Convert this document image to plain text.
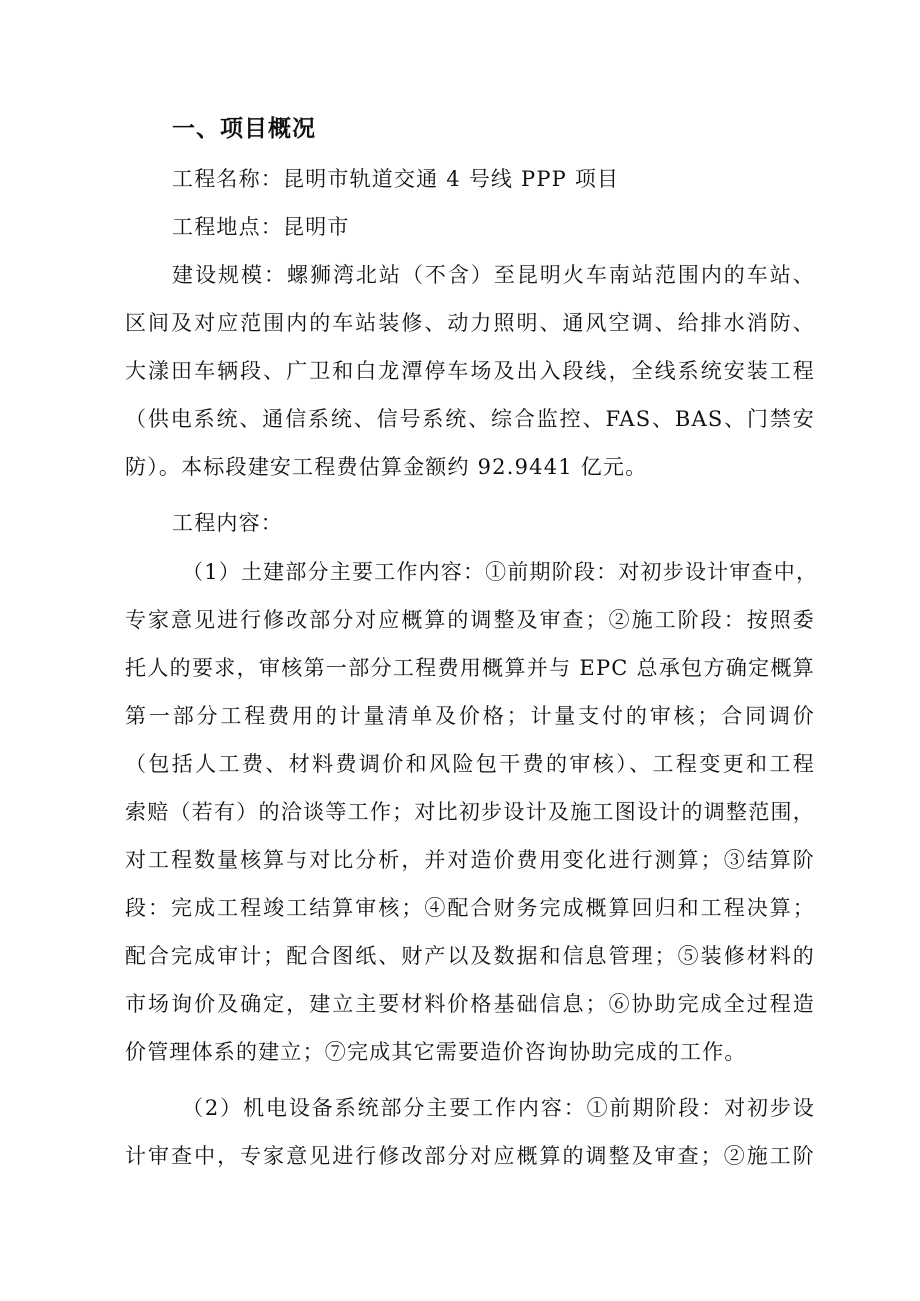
一、项目概况
工程名称：昆明市轨道交通 4 号线 PPP 项目
工程地点：昆明市
建设规模：螺狮湾北站（不含）至昆明火车南站范围内的车站、
区间及对应范围内的车站装修、动力照明、通风空调、给排水消防、
大漾田车辆段、广卫和白龙潭停车场及出入段线，全线系统安装工程
（供电系统、通信系统、信号系统、综合监控、FAS、BAS、门禁安
防）。本标段建安工程费估算金额约 92.9441 亿元。
工程内容：
（1）土建部分主要工作内容：①前期阶段：对初步设计审查中，
专家意见进行修改部分对应概算的调整及审查；②施工阶段：按照委
托人的要求，审核第一部分工程费用概算并与 EPC 总承包方确定概算
第一部分工程费用的计量清单及价格；计量支付的审核；合同调价
（包括人工费、材料费调价和风险包干费的审核）、工程变更和工程
索赔（若有）的洽谈等工作；对比初步设计及施工图设计的调整范围，
对工程数量核算与对比分析，并对造价费用变化进行测算；③结算阶
段：完成工程竣工结算审核；④配合财务完成概算回归和工程决算；
配合完成审计；配合图纸、财产以及数据和信息管理；⑤装修材料的
市场询价及确定，建立主要材料价格基础信息；⑥协助完成全过程造
价管理体系的建立；⑦完成其它需要造价咨询协助完成的工作。
（2）机电设备系统部分主要工作内容：①前期阶段：对初步设
计审查中，专家意见进行修改部分对应概算的调整及审查；②施工阶
